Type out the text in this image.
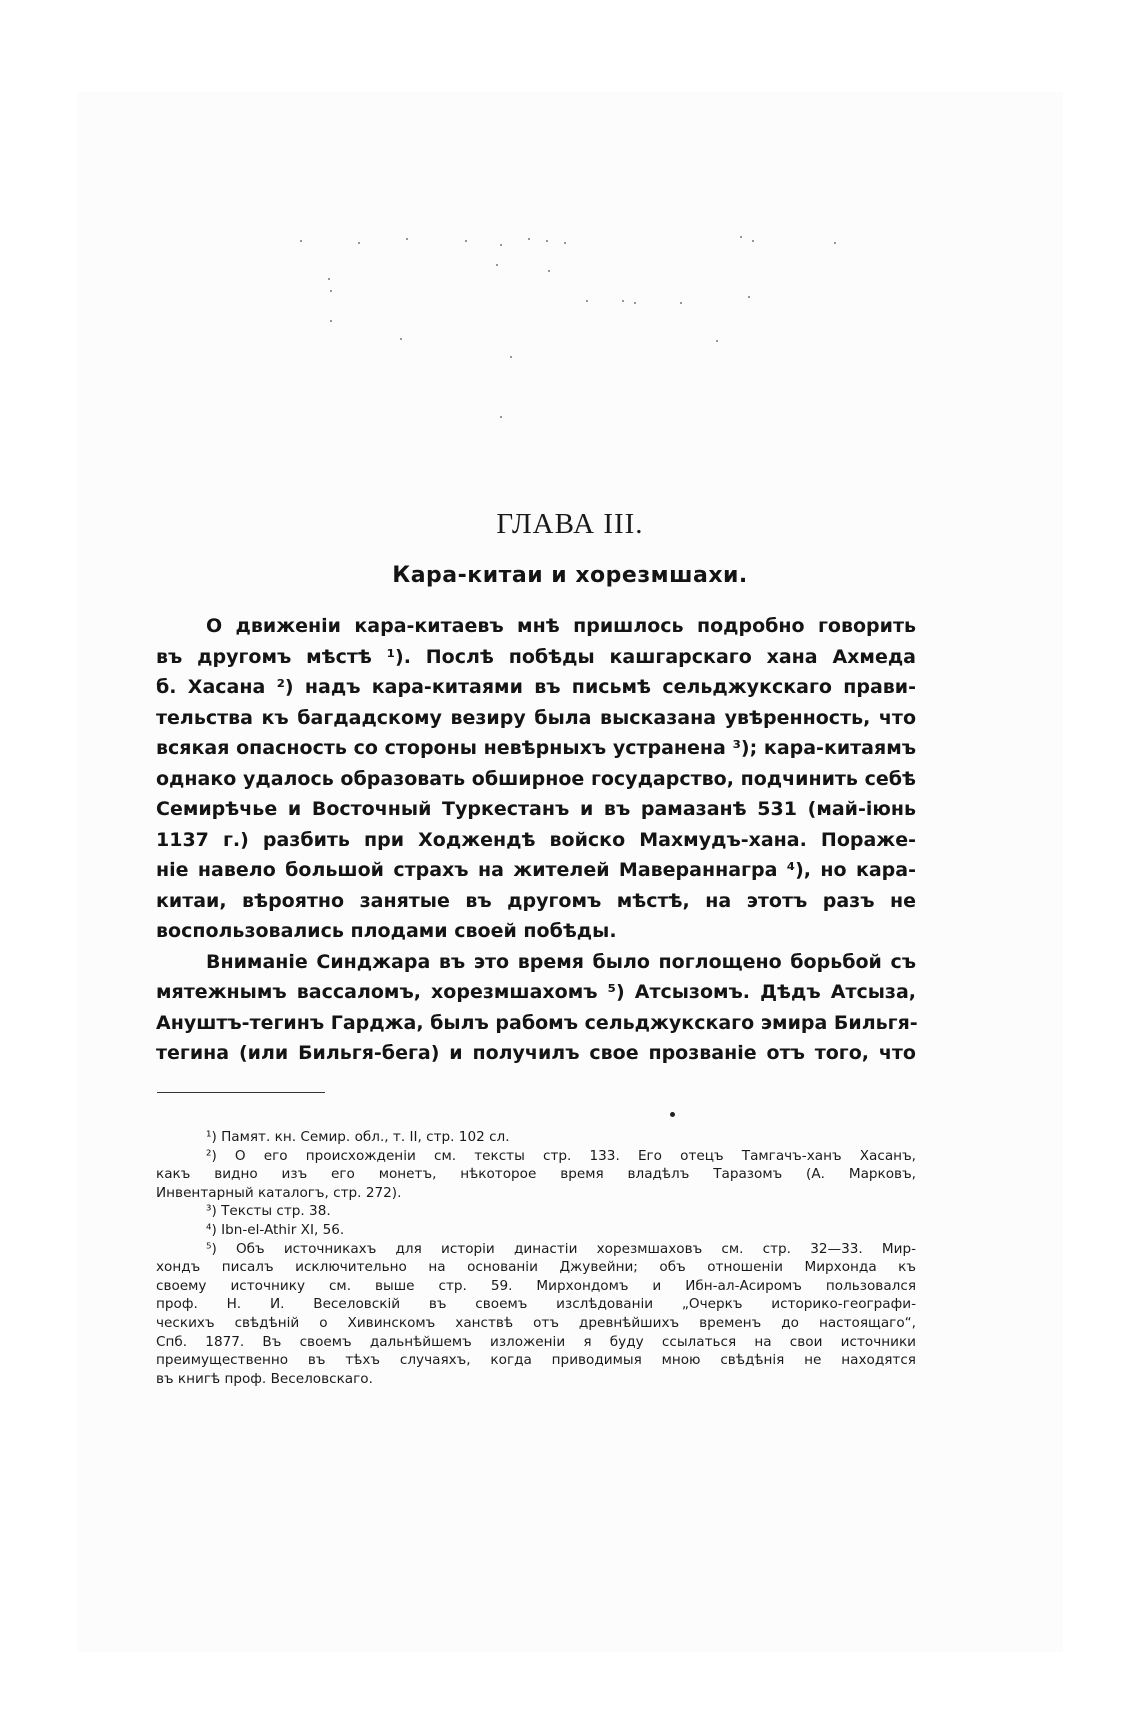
ГЛАВА III.
Кара-китаи и хорезмшахи.
О движеніи кара-китаевъ мнѣ пришлось подробно говорить
въ другомъ мѣстѣ ¹). Послѣ побѣды кашгарскаго хана Ахмеда
б. Хасана ²) надъ кара-китаями въ письмѣ сельджукскаго прави-
тельства къ багдадскому везиру была высказана увѣренность, что
всякая опасность со стороны невѣрныхъ устранена ³); кара-китаямъ
однако удалось образовать обширное государство, подчинить себѣ
Семирѣчье и Восточный Туркестанъ и въ рамазанѣ 531 (май-іюнь
1137 г.) разбить при Ходжендѣ войско Махмудъ-хана. Пораже-
ніе навело большой страхъ на жителей Мавераннагра ⁴), но кара-
китаи, вѣроятно занятые въ другомъ мѣстѣ, на этотъ разъ не
воспользовались плодами своей побѣды.
Вниманіе Синджара въ это время было поглощено борьбой съ
мятежнымъ вассаломъ, хорезмшахомъ ⁵) Атсызомъ. Дѣдъ Атсыза,
Ануштъ-тегинъ Гарджа, былъ рабомъ сельджукскаго эмира Бильгя-
тегина (или Бильгя-бега) и получилъ свое прозваніе отъ того, что
¹) Памят. кн. Семир. обл., т. II, стр. 102 сл.
²) О его происхожденіи см. тексты стр. 133. Его отецъ Тамгачъ-ханъ Хасанъ,
какъ видно изъ его монетъ, нѣкоторое время владѣлъ Таразомъ (А. Марковъ,
Инвентарный каталогъ, стр. 272).
³) Тексты стр. 38.
⁴) Ibn-el-Athir XI, 56.
⁵) Объ источникахъ для исторіи династіи хорезмшаховъ см. стр. 32—33. Мир-
хондъ писалъ исключительно на основаніи Джувейни; объ отношеніи Мирхонда къ
своему источнику см. выше стр. 59. Мирхондомъ и Ибн-ал-Асиромъ пользовался
проф. Н. И. Веселовскій въ своемъ изслѣдованіи „Очеркъ историко-географи-
ческихъ свѣдѣній о Хивинскомъ ханствѣ отъ древнѣйшихъ временъ до настоящаго“,
Спб. 1877. Въ своемъ дальнѣйшемъ изложеніи я буду ссылаться на свои источники
преимущественно въ тѣхъ случаяхъ, когда приводимыя мною свѣдѣнія не находятся
въ книгѣ проф. Веселовскаго.
